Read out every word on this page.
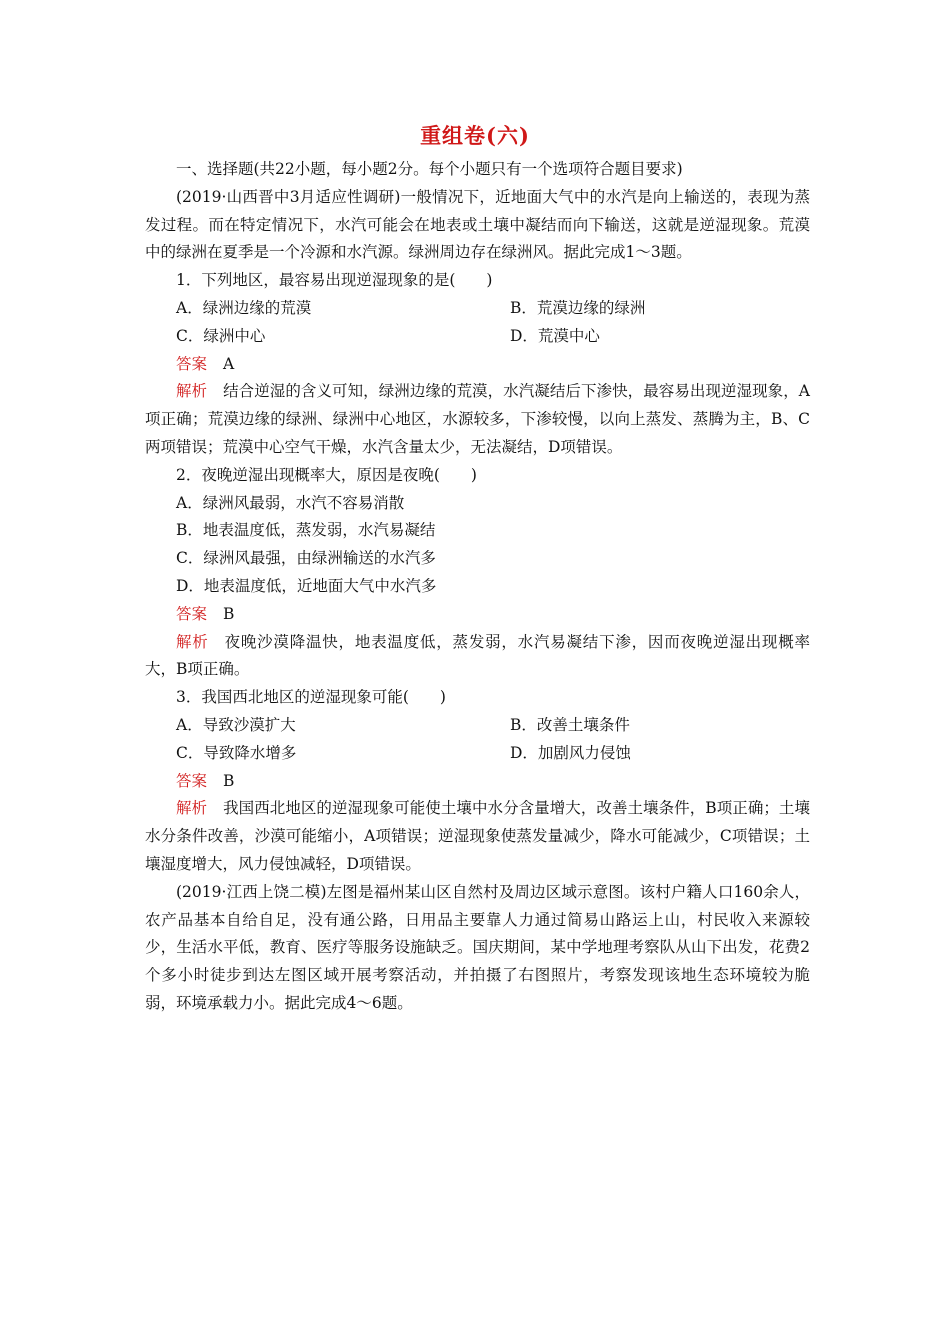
重组卷(六)

一、选择题(共22小题，每小题2分。每个小题只有一个选项符合题目要求)

(2019·山西晋中3月适应性调研)一般情况下，近地面大气中的水汽是向上输送的，表现为蒸发过程。而在特定情况下，水汽可能会在地表或土壤中凝结而向下输送，这就是逆湿现象。荒漠中的绿洲在夏季是一个冷源和水汽源。绿洲周边存在绿洲风。据此完成1～3题。

1．下列地区，最容易出现逆湿现象的是(　　)

A．绿洲边缘的荒漠	B．荒漠边缘的绿洲
C．绿洲中心	D．荒漠中心

答案 A

解析 结合逆湿的含义可知，绿洲边缘的荒漠，水汽凝结后下渗快，最容易出现逆湿现象，A项正确；荒漠边缘的绿洲、绿洲中心地区，水源较多，下渗较慢，以向上蒸发、蒸腾为主，B、C两项错误；荒漠中心空气干燥，水汽含量太少，无法凝结，D项错误。

2．夜晚逆湿出现概率大，原因是夜晚(　　)

A．绿洲风最弱，水汽不容易消散

B．地表温度低，蒸发弱，水汽易凝结

C．绿洲风最强，由绿洲输送的水汽多

D．地表温度低，近地面大气中水汽多

答案 B

解析 夜晚沙漠降温快，地表温度低，蒸发弱，水汽易凝结下渗，因而夜晚逆湿出现概率大，B项正确。

3．我国西北地区的逆湿现象可能(　　)

A．导致沙漠扩大	B．改善土壤条件
C．导致降水增多	D．加剧风力侵蚀

答案 B

解析 我国西北地区的逆湿现象可能使土壤中水分含量增大，改善土壤条件，B项正确；土壤水分条件改善，沙漠可能缩小，A项错误；逆湿现象使蒸发量减少，降水可能减少，C项错误；土壤湿度增大，风力侵蚀减轻，D项错误。

(2019·江西上饶二模)左图是福州某山区自然村及周边区域示意图。该村户籍人口160余人，农产品基本自给自足，没有通公路，日用品主要靠人力通过简易山路运上山，村民收入来源较少，生活水平低，教育、医疗等服务设施缺乏。国庆期间，某中学地理考察队从山下出发，花费2个多小时徒步到达左图区域开展考察活动，并拍摄了右图照片，考察发现该地生态环境较为脆弱，环境承载力小。据此完成4～6题。
